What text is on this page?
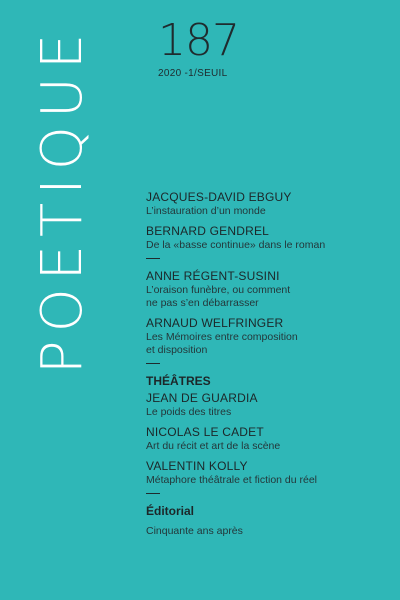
POETIQUE 187
2020 -1/SEUIL
JACQUES-DAVID EBGUY
L’instauration d’un monde
BERNARD GENDREL
De la «basse continue» dans le roman
ANNE RÉGENT-SUSINI
L’oraison funèbre, ou comment
ne pas s’en débarrasser
ARNAUD WELFRINGER
Les Mémoires entre composition
et disposition
THÉÂTRES
JEAN DE GUARDIA
Le poids des titres
NICOLAS LE CADET
Art du récit et art de la scène
VALENTIN KOLLY
Métaphore théâtrale et fiction du réel
Éditorial
Cinquante ans après
